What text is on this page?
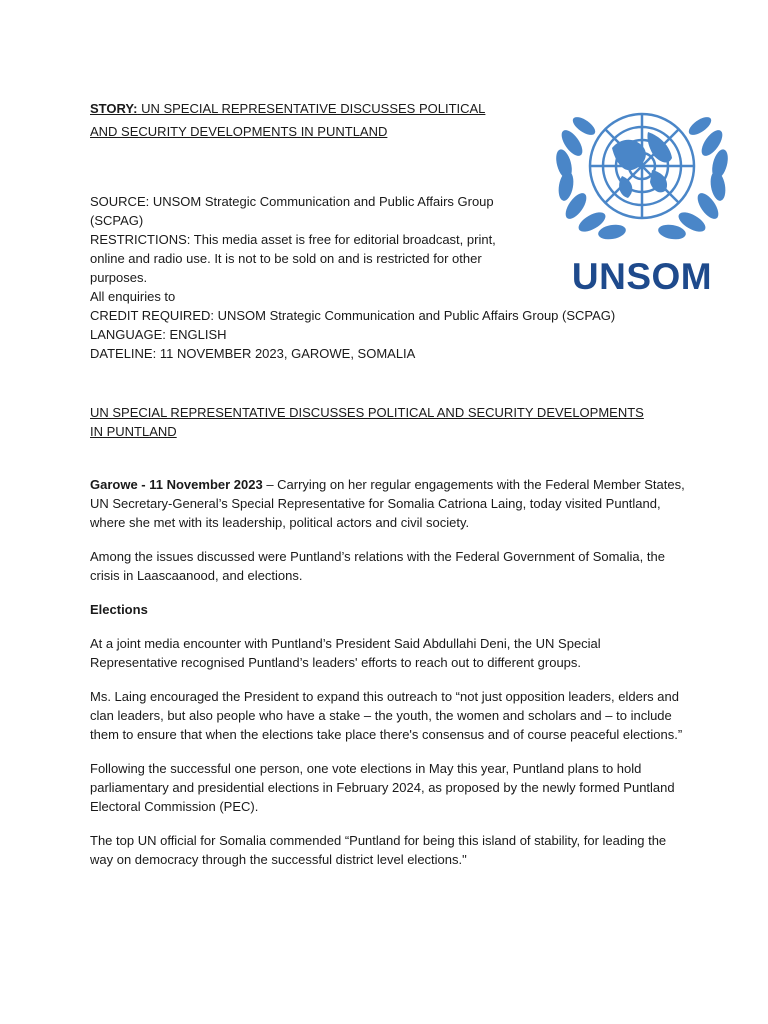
STORY: UN SPECIAL REPRESENTATIVE DISCUSSES POLITICAL AND SECURITY DEVELOPMENTS IN PUNTLAND
UNSOM
SOURCE: UNSOM Strategic Communication and Public Affairs Group (SCPAG)
RESTRICTIONS: This media asset is free for editorial broadcast, print, online and radio use. It is not to be sold on and is restricted for other purposes.
All enquiries to
CREDIT REQUIRED: UNSOM Strategic Communication and Public Affairs Group (SCPAG)
LANGUAGE: ENGLISH
DATELINE: 11 NOVEMBER 2023, GAROWE, SOMALIA
UN SPECIAL REPRESENTATIVE DISCUSSES POLITICAL AND SECURITY DEVELOPMENTS IN PUNTLAND

Garowe - 11 November 2023 – Carrying on her regular engagements with the Federal Member States, UN Secretary-General’s Special Representative for Somalia Catriona Laing, today visited Puntland, where she met with its leadership, political actors and civil society.

Among the issues discussed were Puntland’s relations with the Federal Government of Somalia, the crisis in Laascaanood, and elections.

Elections

At a joint media encounter with Puntland’s President Said Abdullahi Deni, the UN Special Representative recognised Puntland’s leaders' efforts to reach out to different groups.

Ms. Laing encouraged the President to expand this outreach to “not just opposition leaders, elders and clan leaders, but also people who have a stake – the youth, the women and scholars and – to include them to ensure that when the elections take place there's consensus and of course peaceful elections.”

Following the successful one person, one vote elections in May this year, Puntland plans to hold parliamentary and presidential elections in February 2024, as proposed by the newly formed Puntland Electoral Commission (PEC).

The top UN official for Somalia commended “Puntland for being this island of stability, for leading the way on democracy through the successful district level elections."
